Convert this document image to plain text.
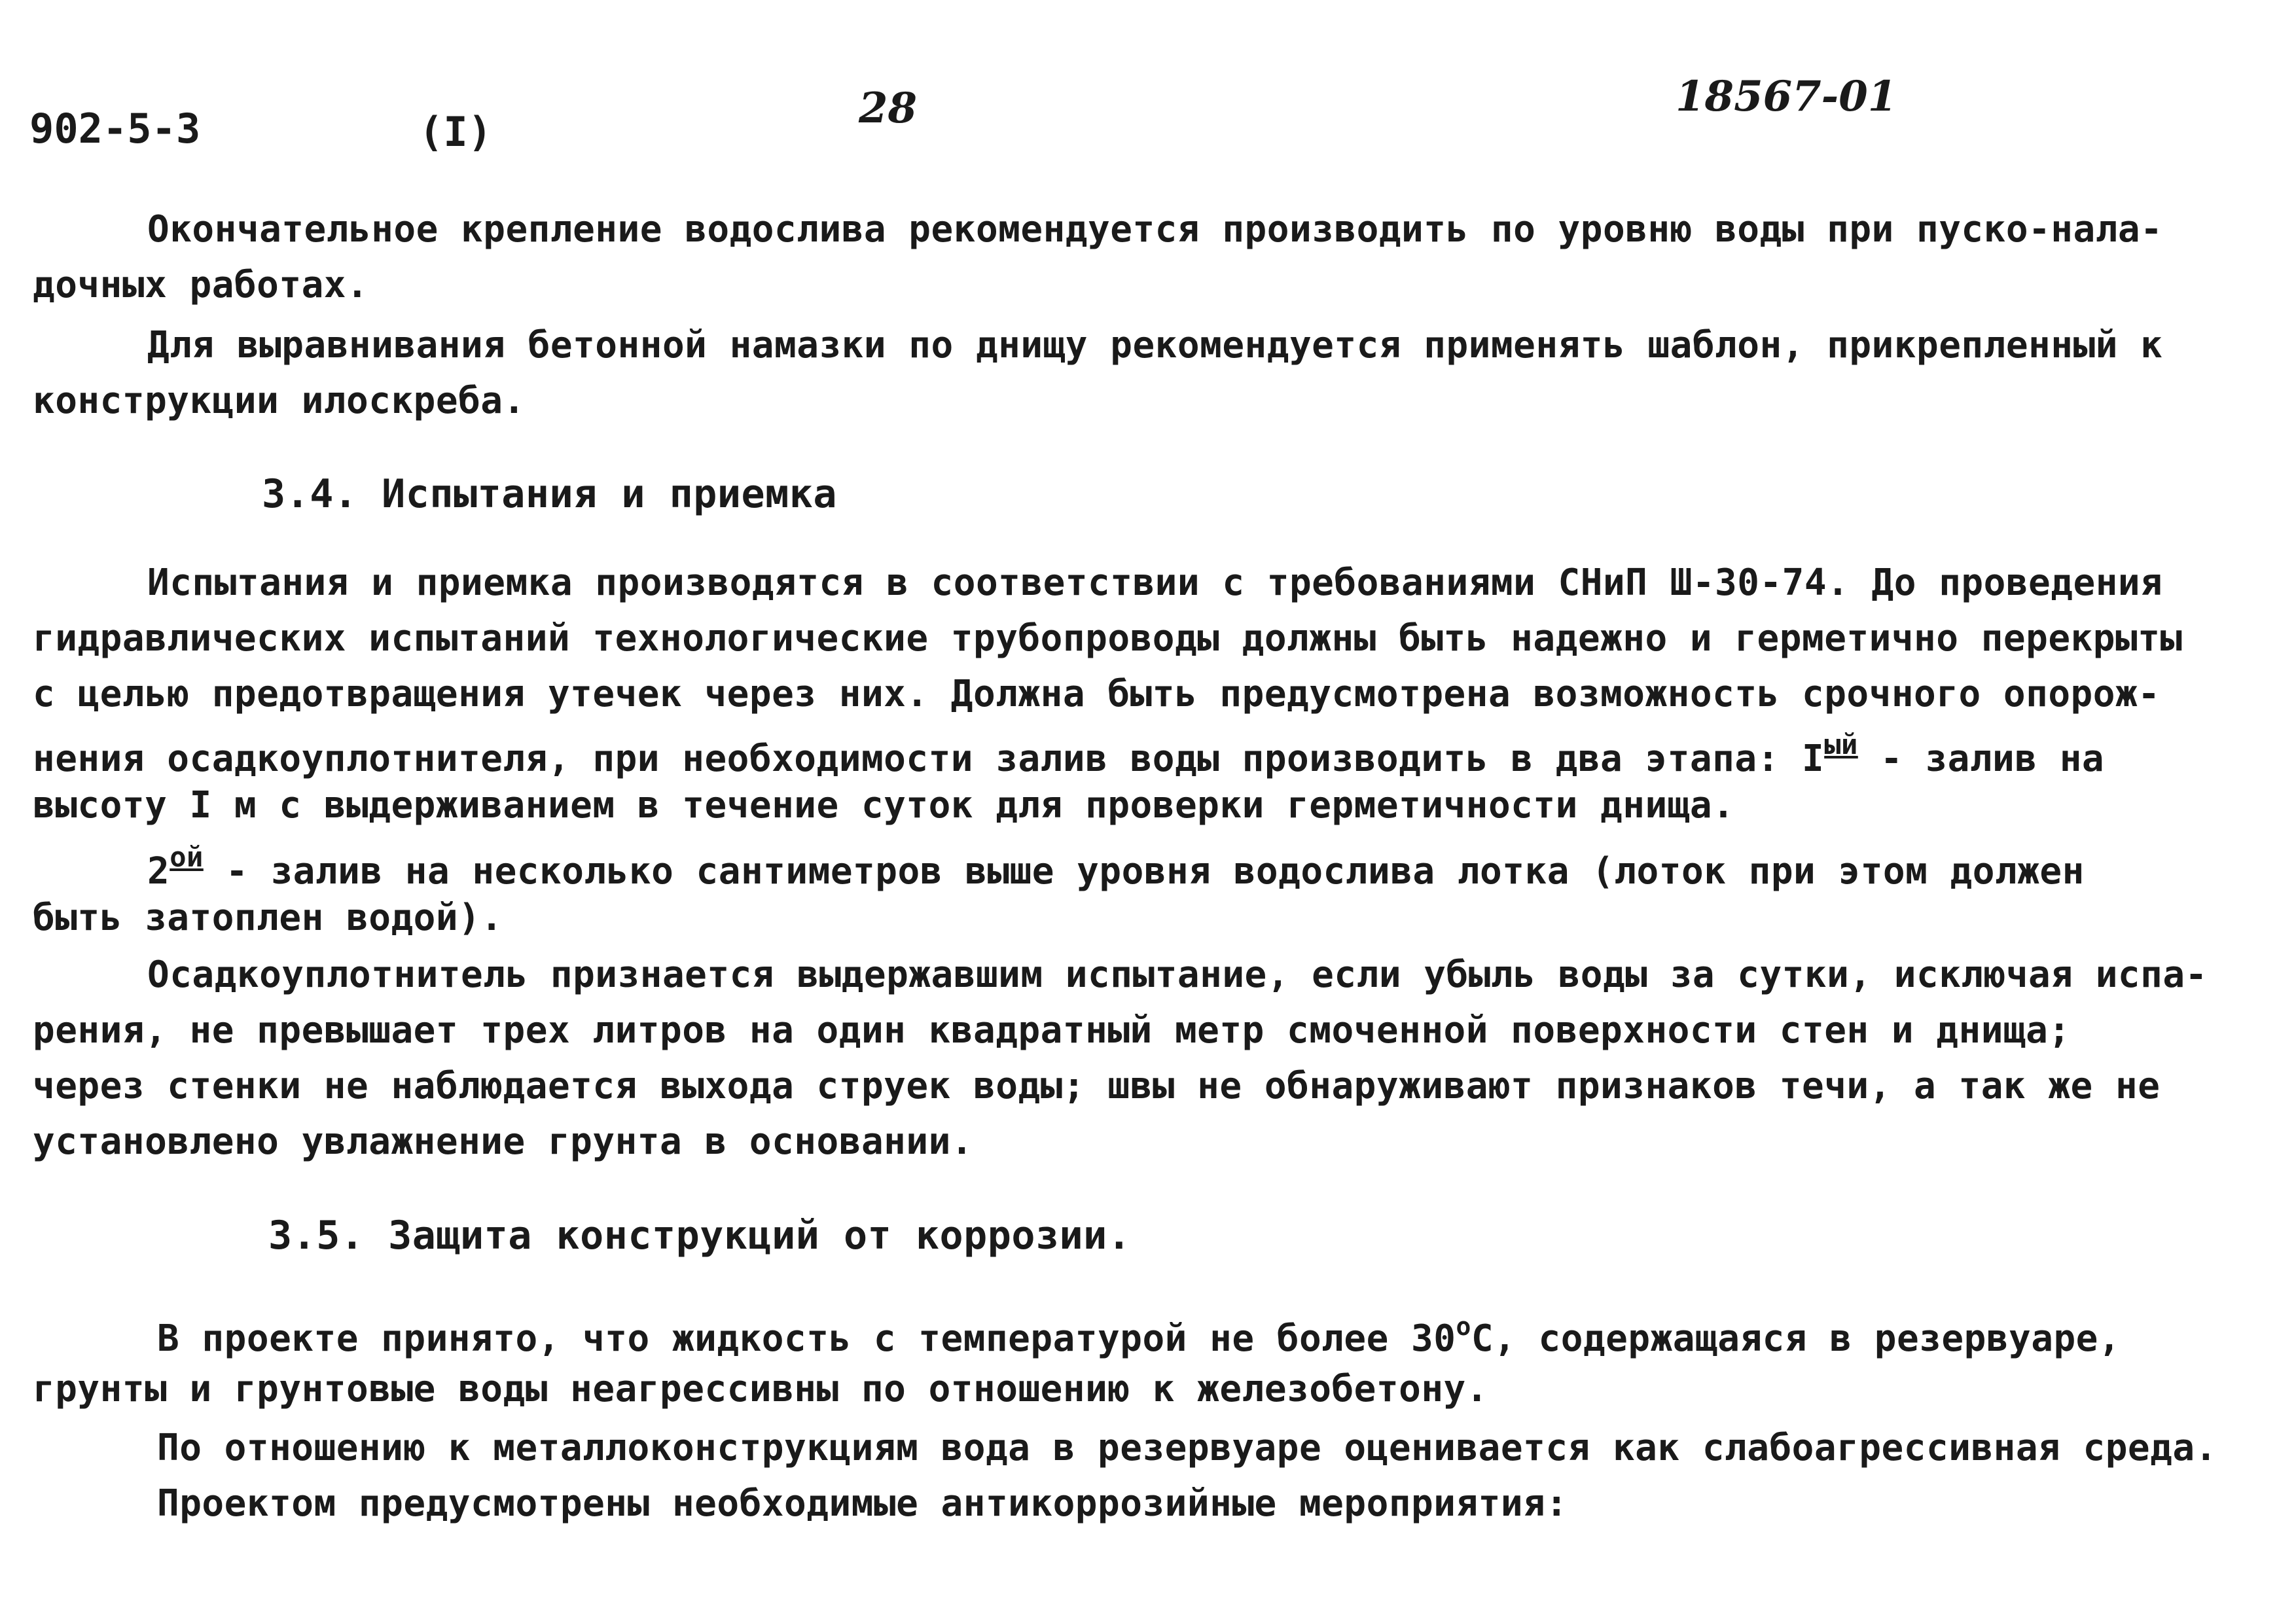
902-5-3	(I)	28	18567-01
Окончательное крепление водослива рекомендуется производить по уровню воды при пуско-нала-
дочных работах.
Для выравнивания бетонной намазки по днищу рекомендуется применять шаблон, прикрепленный к
конструкции илоскреба.
3.4. Испытания и приемка
Испытания и приемка производятся в соответствии с требованиями СНиП Ш-30-74. До проведения
гидравлических испытаний технологические трубопроводы должны быть надежно и герметично перекрыты
с целью предотвращения утечек через них. Должна быть предусмотрена возможность срочного опорож-
нения осадкоуплотнителя, при необходимости залив воды производить в два этапа: $I^{ый}$ - залив на
высоту I м с выдерживанием в течение суток для проверки герметичности днища.
$2^{ой}$ - залив на несколько сантиметров выше уровня водослива лотка (лоток при этом должен
быть затоплен водой).
Осадкоуплотнитель признается выдержавшим испытание, если убыль воды за сутки, исключая испа-
рения, не превышает трех литров на один квадратный метр смоченной поверхности стен и днища;
через стенки не наблюдается выхода струек воды; швы не обнаруживают признаков течи, а так же не
установлено увлажнение грунта в основании.
3.5. Защита конструкций от коррозии.
В проекте принято, что жидкость с температурой не более $30^оС$, содержащаяся в резервуаре,
грунты и грунтовые воды неагрессивны по отношению к железобетону.
По отношению к металлоконструкциям вода в резервуаре оценивается как слабоагрессивная среда.
Проектом предусмотрены необходимые антикоррозийные мероприятия:
